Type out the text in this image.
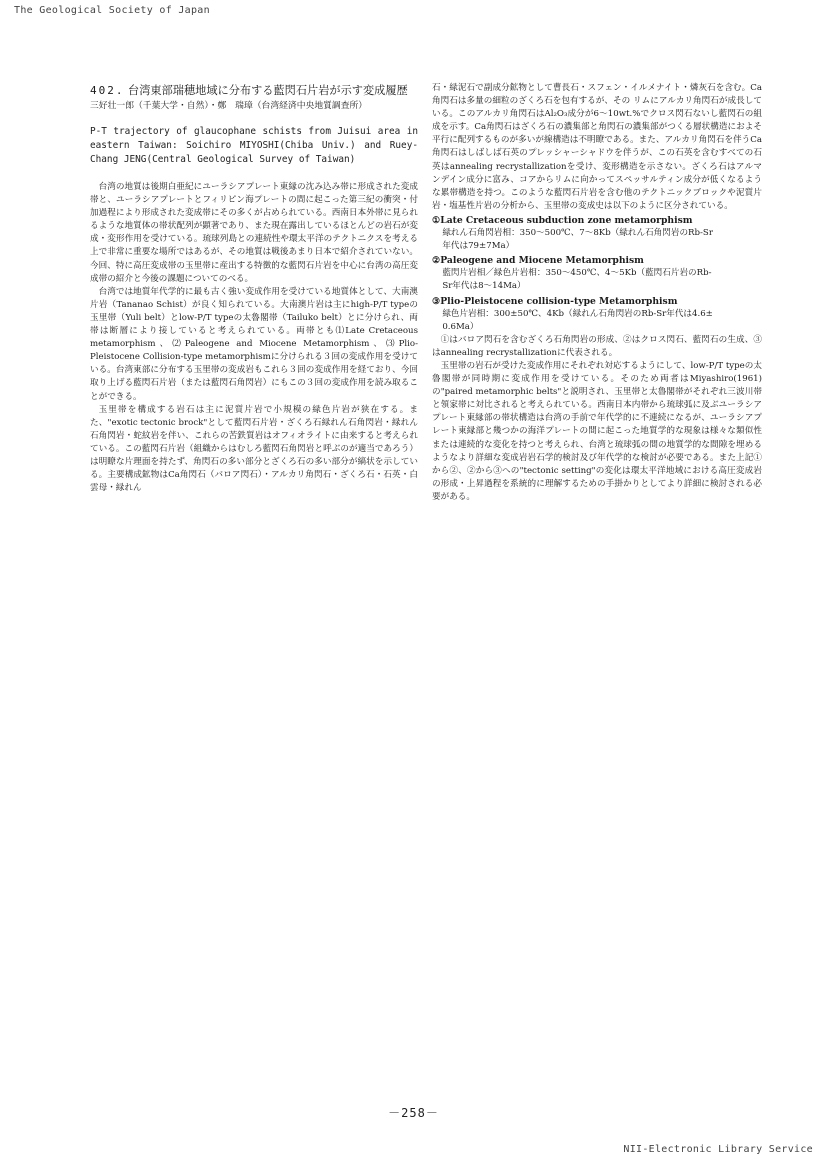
The Geological Society of Japan
402. 台湾東部瑞穂地域に分布する藍閃石片岩が示す変成履歴
三好壮一郎（千葉大学・自然）・鄭　瑞璋（台湾経済中央地質調査所）
P-T trajectory of glaucophane schists from Juisui area in eastern Taiwan: Soichiro MIYOSHI(Chiba Univ.) and Ruey-Chang JENG(Central Geological Survey of Taiwan)

台湾の地質は後期白亜紀にユーラシアプレート東縁の沈み込み帯に形成された変成帯と、ユーラシアプレートとフィリピン海プレートの間に起こった第三紀の衝突・付加過程により形成された変成帯にその多くが占められている。西南日本外帯に見られるような地質体の帯状配列が顕著であり、また現在露出しているほとんどの岩石が変成・変形作用を受けている。琉球列島との連続性や環太平洋のテクトニクスを考える上で非常に重要な場所ではあるが、その地質は戦後あまり日本で紹介されていない。今回、特に高圧変成帯の玉里帯に産出する特徴的な藍閃石片岩を中心に台湾の高圧変成帯の紹介と今後の課題についてのべる。

台湾では地質年代学的に最も古く強い変成作用を受けている地質体として、大南澳片岩（Tananao Schist）が良く知られている。大南澳片岩は主にhigh-P/T typeの玉里帯（Yuli belt）とlow-P/T typeの太魯閣帯（Tailuko belt）とに分けられ、両帯は断層により接していると考えられている。両帯とも⑴Late Cretaceous metamorphism、⑵Paleogene and Miocene Metamorphism、⑶Plio-Pleistocene Collision-type metamorphismに分けられる３回の変成作用を受けている。台湾東部に分布する玉里帯の変成岩もこれら３回の変成作用を経ており、今回取り上げる藍閃石片岩（または藍閃石角閃岩）にもこの３回の変成作用を読み取ることができる。

玉里帯を構成する岩石は主に泥質片岩で小規模の緑色片岩が狭在する。また、"exotic tectonic brock"として藍閃石片岩・ざくろ石緑れん石角閃岩・緑れん石角閃岩・蛇紋岩を伴い、これらの苦鉄質岩はオフィオライトに由来すると考えられている。この藍閃石片岩（組織からはむしろ藍閃石角閃岩と呼ぶのが適当であろう）は明瞭な片理面を持たず、角閃石の多い部分とざくろ石の多い部分が縞状を示している。主要構成鉱物はCa角閃石（バロア閃石）・アルカリ角閃石・ざくろ石・石英・白雲母・緑れん

石・緑泥石で副成分鉱物として曹長石・スフェン・イルメナイト・燐灰石を含む。Ca角閃石は多量の細粒のざくろ石を包有するが、その リムにアルカリ角閃石が成長している。このアルカリ角閃石はAl₂O₃成分が6～10wt.%でクロス閃石ないし藍閃石の組成を示す。Ca角閃石はざくろ石の濃集部と角閃石の濃集部がつくる層状構造におよそ平行に配列するものが多いが線構造は不明瞭である。また、アルカリ角閃石を伴うCa角閃石はしばしば石英のプレッシャーシャドウを伴うが、この石英を含むすべての石英はannealing recrystallizationを受け、変形構造を示さない。ざくろ石はアルマンデイン成分に富み、コアからリムに向かってスペッサルティン成分が低くなるような累帯構造を持つ。このような藍閃石片岩を含む他のテクトニックブロックや泥質片岩・塩基性片岩の分析から、玉里帯の変成史は以下のように区分されている。

①Late Cretaceous subduction zone metamorphism
緑れん石角閃岩相：350～500℃、7～8Kb（緑れん石角閃岩のRb-Sr
年代は79±7Ma）
②Paleogene and Miocene Metamorphism
藍閃片岩相／緑色片岩相：350～450℃、4～5Kb（藍閃石片岩のRb-
Sr年代は8～14Ma）
③Plio-Pleistocene collision-type Metamorphism
緑色片岩相：300±50℃、4Kb（緑れん石角閃岩のRb-Sr年代は4.6±
0.6Ma）

①はバロア閃石を含むざくろ石角閃岩の形成、②はクロス閃石、藍閃石の生成、③はannealing recrystallizationに代表される。

玉里帯の岩石が受けた変成作用にそれぞれ対応するようにして、low-P/T typeの太魯閣帯が同時期に変成作用を受けている。そのため両者はMiyashiro(1961)の"paired metamorphic belts"と説明され、玉里帯と太魯閣帯がそれぞれ三波川帯と領家帯に対比されると考えられている。西南日本内帯から琉球弧に及ぶユーラシアプレート東縁部の帯状構造は台湾の手前で年代学的に不連続になるが、ユーラシアプレート東縁部と幾つかの海洋プレートの間に起こった地質学的な現象は様々な類似性または連続的な変化を持つと考えられ、台湾と琉球弧の間の地質学的な間隙を埋めるようなより詳細な変成岩岩石学的検討及び年代学的な検討が必要である。また上記①から②、②から③への"tectonic setting"の変化は環太平洋地域における高圧変成岩の形成・上昇過程を系統的に理解するための手掛かりとしてより詳細に検討される必要がある。

－258－
NII-Electronic Library Service
